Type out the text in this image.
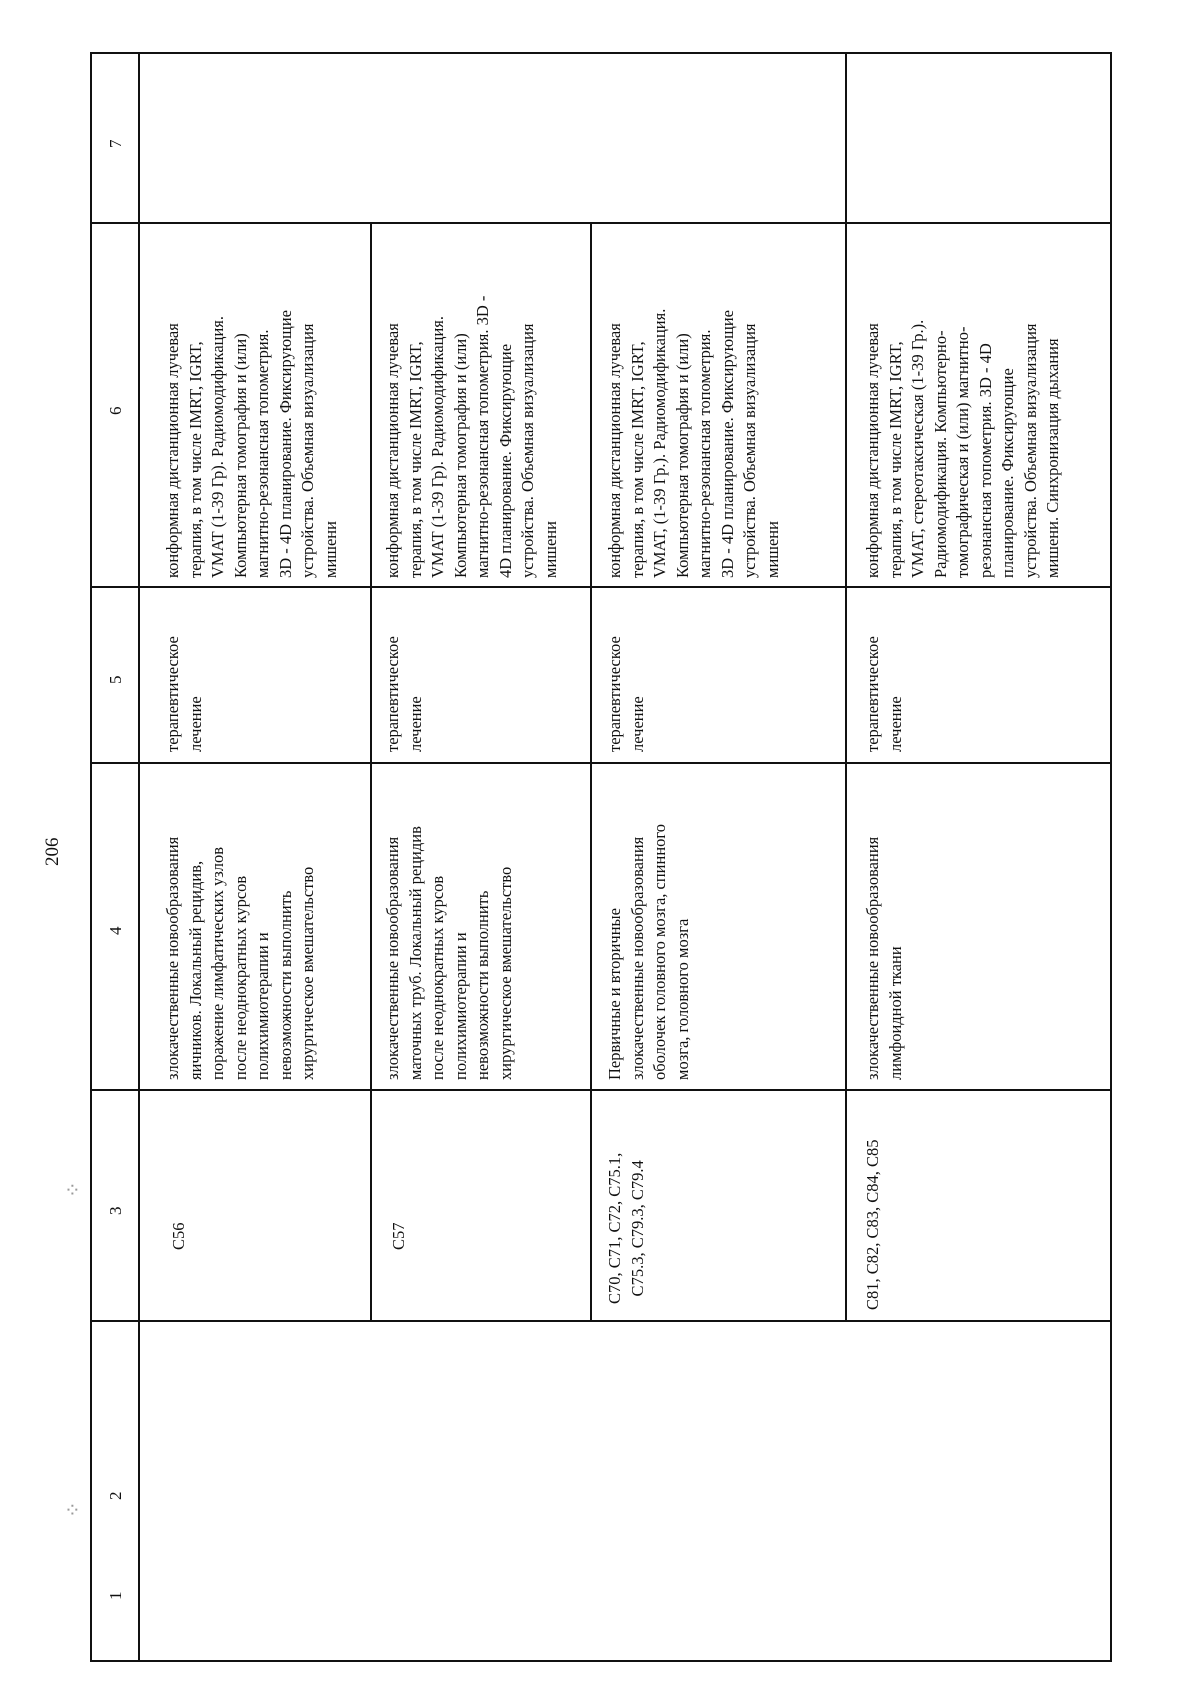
206
⁘
⁘
1
2
3
4
5
6
7
C56
злокачественные новообразования яичников. Локальный рецидив, поражение лимфатических узлов после неоднократных курсов полихимиотерапии и невозможности выполнить хирургическое вмешательство
терапевтическое лечение
конформная дистанционная лучевая терапия, в том числе IMRT, IGRT, VMAT (1-39 Гр). Радиомодификация. Компьютерная томография и (или) магнитно-резонансная топометрия. 3D - 4D планирование. Фиксирующие устройства. Объемная визуализация мишени
C57
злокачественные новообразования маточных труб. Локальный рецидив после неоднократных курсов полихимиотерапии и невозможности выполнить хирургическое вмешательство
терапевтическое лечение
конформная дистанционная лучевая терапия, в том числе IMRT, IGRT, VMAT (1-39 Гр). Радиомодификация. Компьютерная томография и (или) магнитно-резонансная топометрия. 3D - 4D планирование. Фиксирующие устройства. Объемная визуализация мишени
C70, C71, C72, C75.1, C75.3, C79.3, C79.4
Первичные и вторичные злокачественные новообразования оболочек головного мозга, спинного мозга, головного мозга
терапевтическое лечение
конформная дистанционная лучевая терапия, в том числе IMRT, IGRT, VMAT, (1-39 Гр.). Радиомодификация. Компьютерная томография и (или) магнитно-резонансная топометрия. 3D - 4D планирование. Фиксирующие устройства. Объемная визуализация мишени
C81, C82, C83, C84, C85
злокачественные новообразования лимфоидной ткани
терапевтическое лечение
конформная дистанционная лучевая терапия, в том числе IMRT, IGRT, VMAT, стереотаксическая (1-39 Гр.). Радиомодификация. Компьютерно- томографическая и (или) магнитно- резонансная топометрия. 3D - 4D планирование. Фиксирующие устройства. Объемная визуализация мишени. Синхронизация дыхания
